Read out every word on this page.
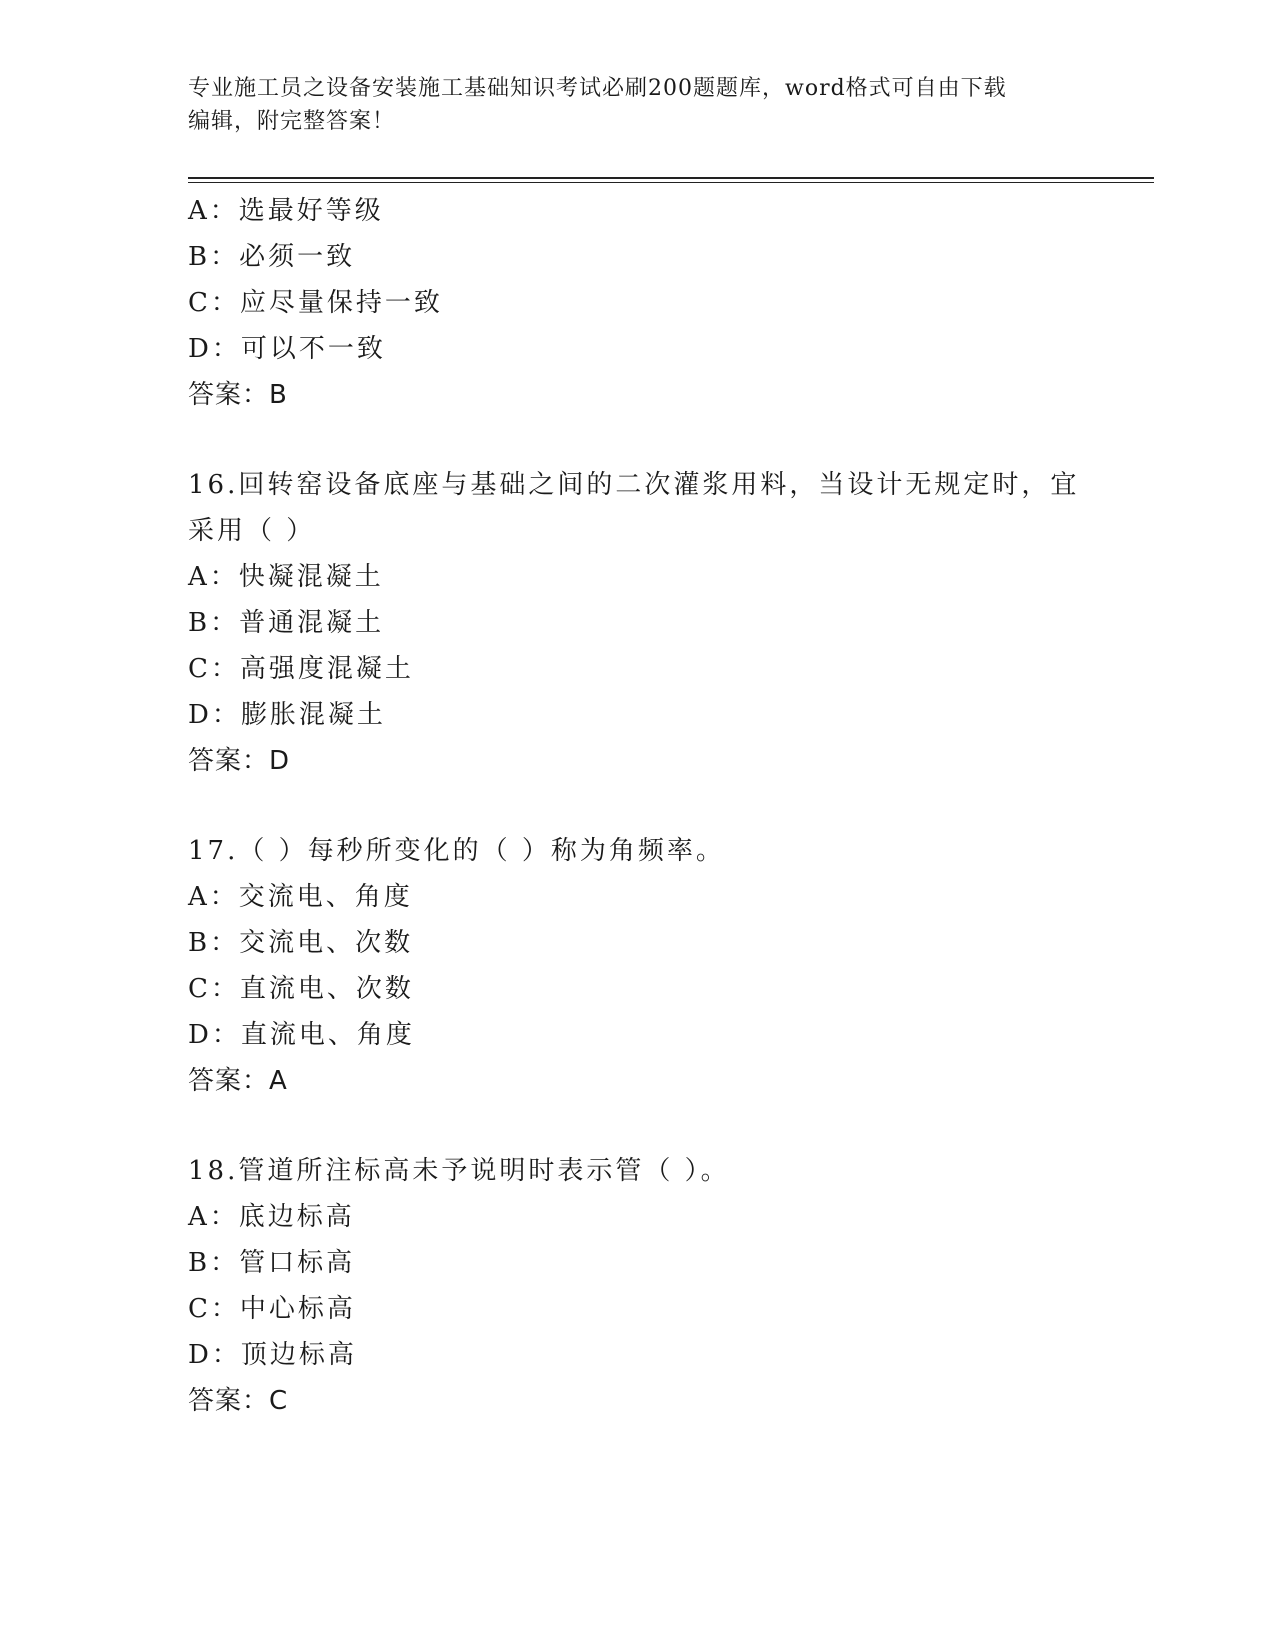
专业施工员之设备安装施工基础知识考试必刷200题题库，word格式可自由下载
编辑，附完整答案！
A：选最好等级
B：必须一致
C：应尽量保持一致
D：可以不一致
答案：B
16.回转窑设备底座与基础之间的二次灌浆用料，当设计无规定时，宜
采用（ ）
A：快凝混凝土
B：普通混凝土
C：高强度混凝土
D：膨胀混凝土
答案：D
17.（ ）每秒所变化的（ ）称为角频率。
A：交流电、角度
B：交流电、次数
C：直流电、次数
D：直流电、角度
答案：A
18.管道所注标高未予说明时表示管（ ）。
A：底边标高
B：管口标高
C：中心标高
D：顶边标高
答案：C
